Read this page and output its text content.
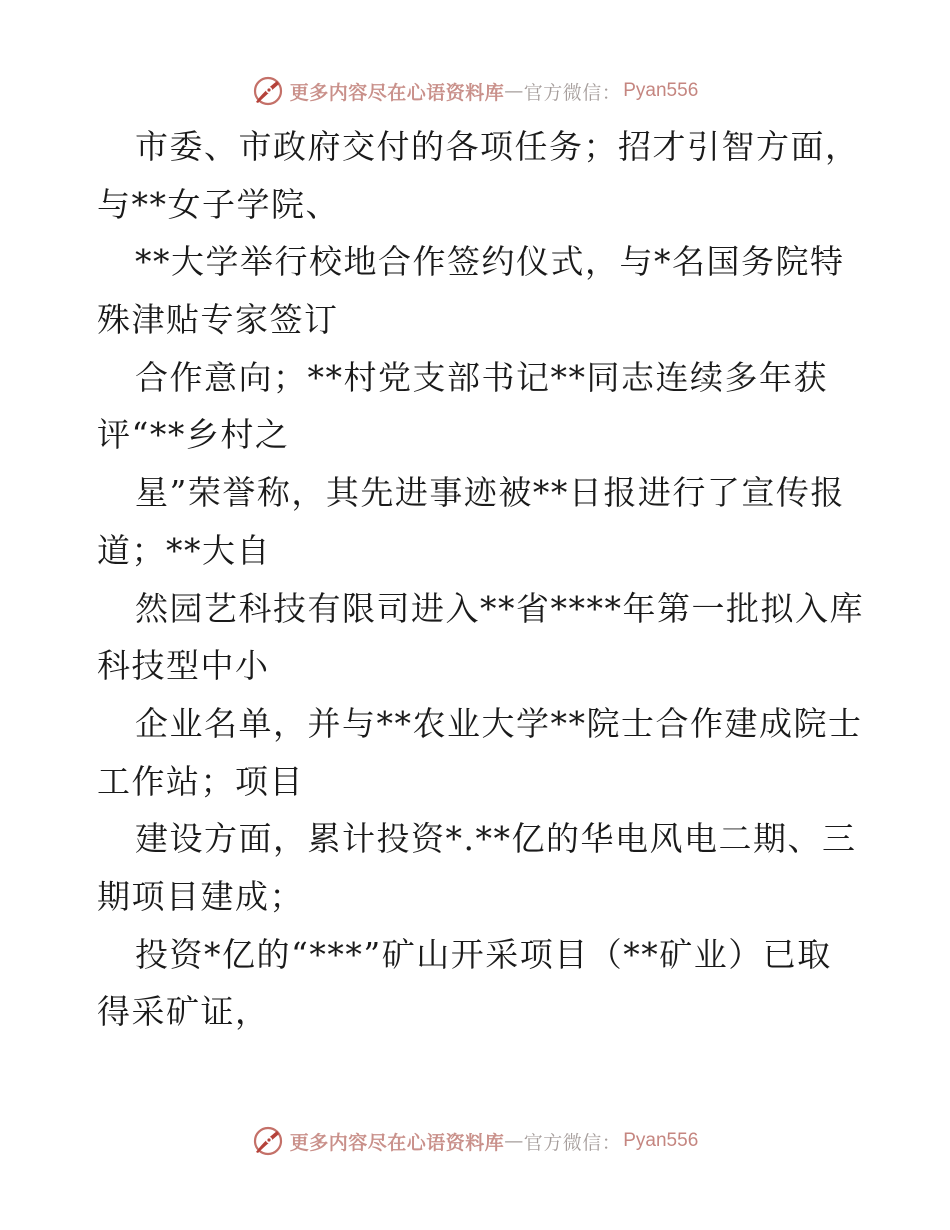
更多内容尽在心语资料库 — 官方微信： Pyan556
市委、市政府交付的各项任务；招才引智方面，
与**女子学院、
**大学举行校地合作签约仪式，与*名国务院特
殊津贴专家签订
合作意向；**村党支部书记**同志连续多年获
评“**乡村之
星”荣誉称，其先进事迹被**日报进行了宣传报
道；**大自
然园艺科技有限司进入**省****年第一批拟入库
科技型中小
企业名单，并与**农业大学**院士合作建成院士
工作站；项目
建设方面，累计投资*.**亿的华电风电二期、三
期项目建成；
投资*亿的“***”矿山开采项目（**矿业）已取
得采矿证，
更多内容尽在心语资料库 — 官方微信： Pyan556
